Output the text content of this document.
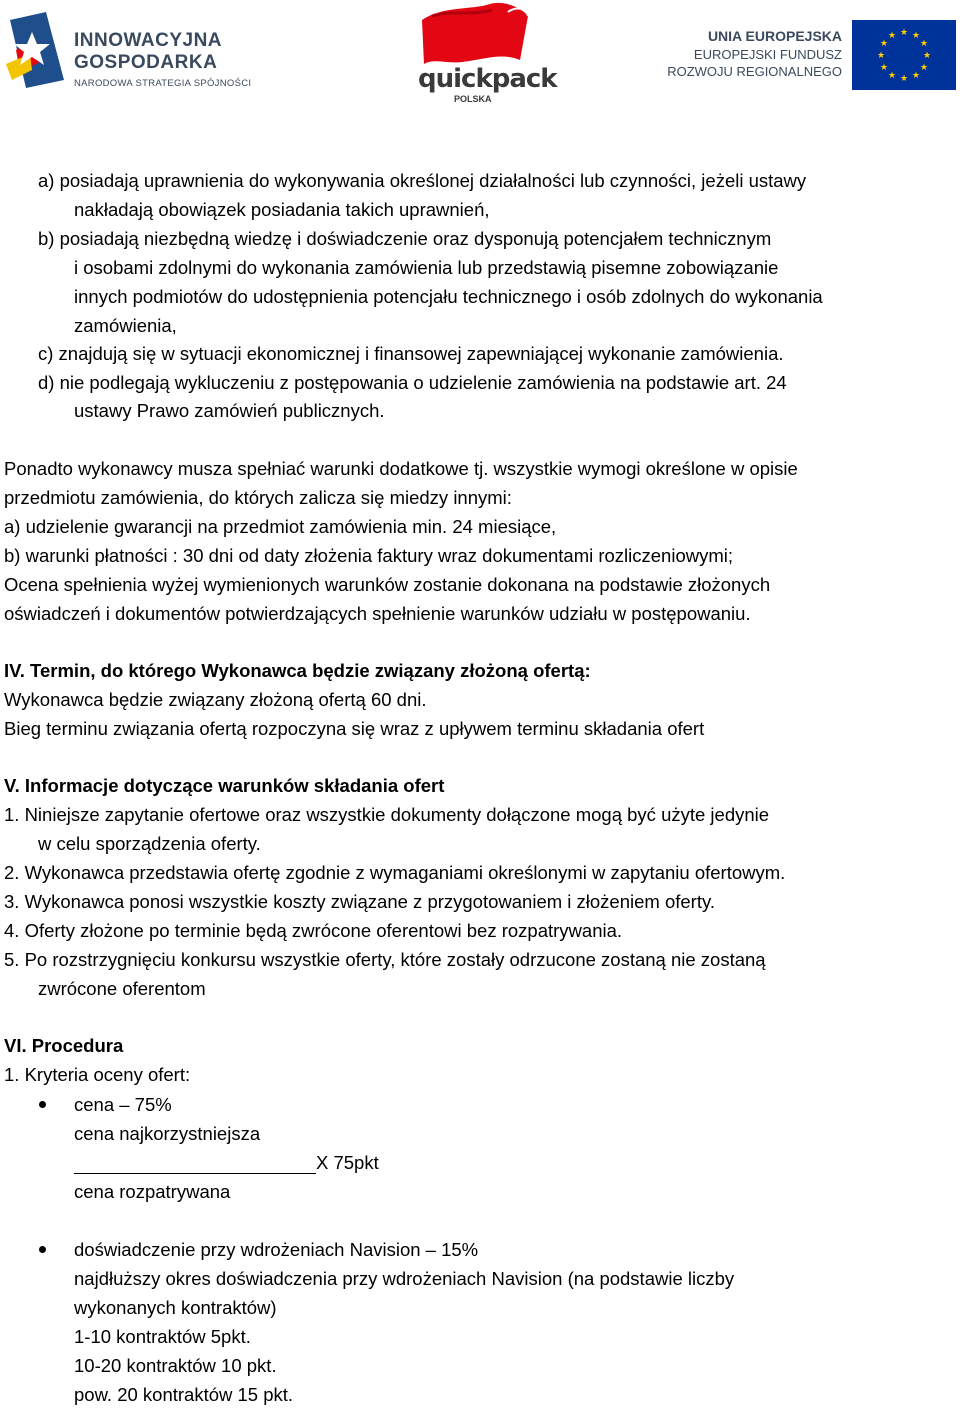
INNOWACYJNA
GOSPODARKA
NARODOWA STRATEGIA SPÓJNOŚCI	quickpack
POLSKA
UNIA EUROPEJSKA
EUROPEJSKI FUNDUSZ
ROZWOJU REGIONALNEGO
★ ★
★
★
★
★
★
★
★
★
★
★
a) posiadają uprawnienia do wykonywania określonej działalności lub czynności, jeżeli ustawy
nakładają obowiązek posiadania takich uprawnień,
b) posiadają niezbędną wiedzę i doświadczenie oraz dysponują potencjałem technicznym
i osobami zdolnymi do wykonania zamówienia lub przedstawią pisemne zobowiązanie
innych podmiotów do udostępnienia potencjału technicznego i osób zdolnych do wykonania
zamówienia,
c) znajdują się w sytuacji ekonomicznej i finansowej zapewniającej wykonanie zamówienia.
d) nie podlegają wykluczeniu z postępowania o udzielenie zamówienia na podstawie art. 24
ustawy Prawo zamówień publicznych.
Ponadto wykonawcy musza spełniać warunki dodatkowe tj. wszystkie wymogi określone w opisie
przedmiotu zamówienia, do których zalicza się miedzy innymi:
a) udzielenie gwarancji na przedmiot zamówienia min. 24 miesiące,
b) warunki płatności : 30 dni od daty złożenia faktury wraz dokumentami rozliczeniowymi;
Ocena spełnienia wyżej wymienionych warunków zostanie dokonana na podstawie złożonych
oświadczeń i dokumentów potwierdzających spełnienie warunków udziału w postępowaniu.
IV. Termin, do którego Wykonawca będzie związany złożoną ofertą:
Wykonawca będzie związany złożoną ofertą 60 dni.
Bieg terminu związania ofertą rozpoczyna się wraz z upływem terminu składania ofert
V. Informacje dotyczące warunków składania ofert
1. Niniejsze zapytanie ofertowe oraz wszystkie dokumenty dołączone mogą być użyte jedynie
w celu sporządzenia oferty.
2. Wykonawca przedstawia ofertę zgodnie z wymaganiami określonymi w zapytaniu ofertowym.
3. Wykonawca ponosi wszystkie koszty związane z przygotowaniem i złożeniem oferty.
4. Oferty złożone po terminie będą zwrócone oferentowi bez rozpatrywania.
5. Po rozstrzygnięciu konkursu wszystkie oferty, które zostały odrzucone zostaną nie zostaną
zwrócone oferentom
VI. Procedura
1. Kryteria oceny ofert:
cena – 75%
cena najkorzystniejsza
X 75pkt
cena rozpatrywana
doświadczenie przy wdrożeniach Navision – 15%
najdłuższy okres doświadczenia przy wdrożeniach Navision (na podstawie liczby
wykonanych kontraktów)
1-10 kontraktów 5pkt.
10-20 kontraktów 10 pkt.
pow. 20 kontraktów 15 pkt.
